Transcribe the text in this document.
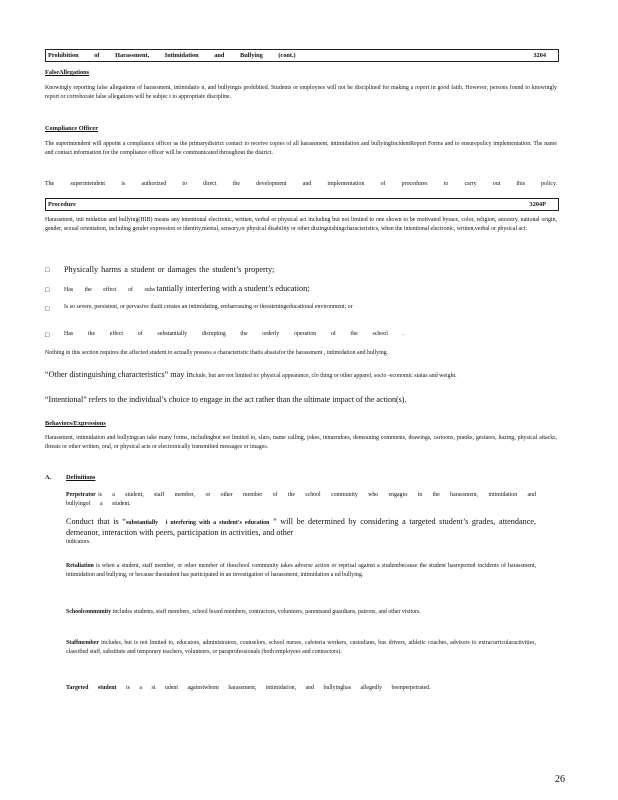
Prohibition of Harassment, Intimidation and Bullying (cont.)	3204
FalseAllegations
Knowingly reporting false allegations of harassment, intimidatio n, and bullyingis prohibited. Students or employees will not be disciplined for making a report in good faith. However, persons found to knowingly report or corroborate false allegations will be subjec t to appropriate discipline.
Compliance Officer
The superintendent will appoint a compliance officer as the primarydistrict contact to receive copies of all harassment, intimidation and bullyingIncidentReport Forms and to ensurepolicy implementation. The name and contact information for the compliance officer will be communicated throughout the district.
The superintendent is authorized to direct the development and implementation of procedures to carry out this policy.
Procedure	3204P
Harassment, inti midation and bullying(HIB) means any intentional electronic, written, verbal or physical act including but not limited to one shown to be motivated byrace, color, religion, ancestry, national origin, gender, sexual orientation, including gender expression or identity,mental, sensory,or physical disability or other distinguishingcharacteristics, when the intentional electronic, written,verbal or physical act:
□ Physically harms a student or damages the student’s property;
□	Has the effect of subs tantially interfering with a student’s education;
□	Is so severe, persistent, or pervasive thatit creates an intimidating, embarrassing or threateningeducational environment; or
□	Has the effect of substantially disrupting the orderly operation of the school .
Nothing in this section requires the affected student to actually possess a characteristic thatis abasisfor the harassment , intimidation and bullying.
“Other distinguishing characteristics” may include, but are not limited to: physical appearance, clo thing or other apparel, socio -economic status and weight.
“Intentional” refers to the individual’s choice to engage in the act rather than the ultimate impact of the action(s).
Behaviors/Expressions
Harassment, intimidation and bullyingcan take many forms, includingbut not limited to, slurs, name calling, jokes, innuendoes, demeaning comments, drawings, cartoons, pranks, gestures, hazing, physical attacks, threats or other written, oral, or physical acts or electronically transmitted messages or images.
A. Definitions
Perpetrator is a student, staff member, or other member of the school community who engages in the harassment, intimidation and bullyingof a student.
Conduct that is “substantially i nterfering with a student's education ” will be determined by considering a targeted student’s grades, attendance, demeanor, interaction with peers, participation in activities, and other
indicators.
Retaliation is when a student, staff member, or other member of theschool community takes adverse action or reprisal against a studentbecause the student hasreported incidents of harassment, intimidation and bullying, or because thestudent has participated in an investigation of harassment, intimidation a nd bullying.
Schoolcommunity includes students, staff members, school board members, contractors, volunteers, parentsand guardians, patrons, and other visitors.
Staffmember includes, but is not limited to, educators, administrators, counselors, school nurses, cafeteria workers, custodians, bus drivers, athletic coaches, advisors to extracurricularactivities, classified staff, substitute and temporary teachers, volunteers, or paraprofessionals (both employees and contractors).
Targeted student is a st udent againstwhom harassment, intimidation, and bullyinghas allegedly beenperpetrated.
26
